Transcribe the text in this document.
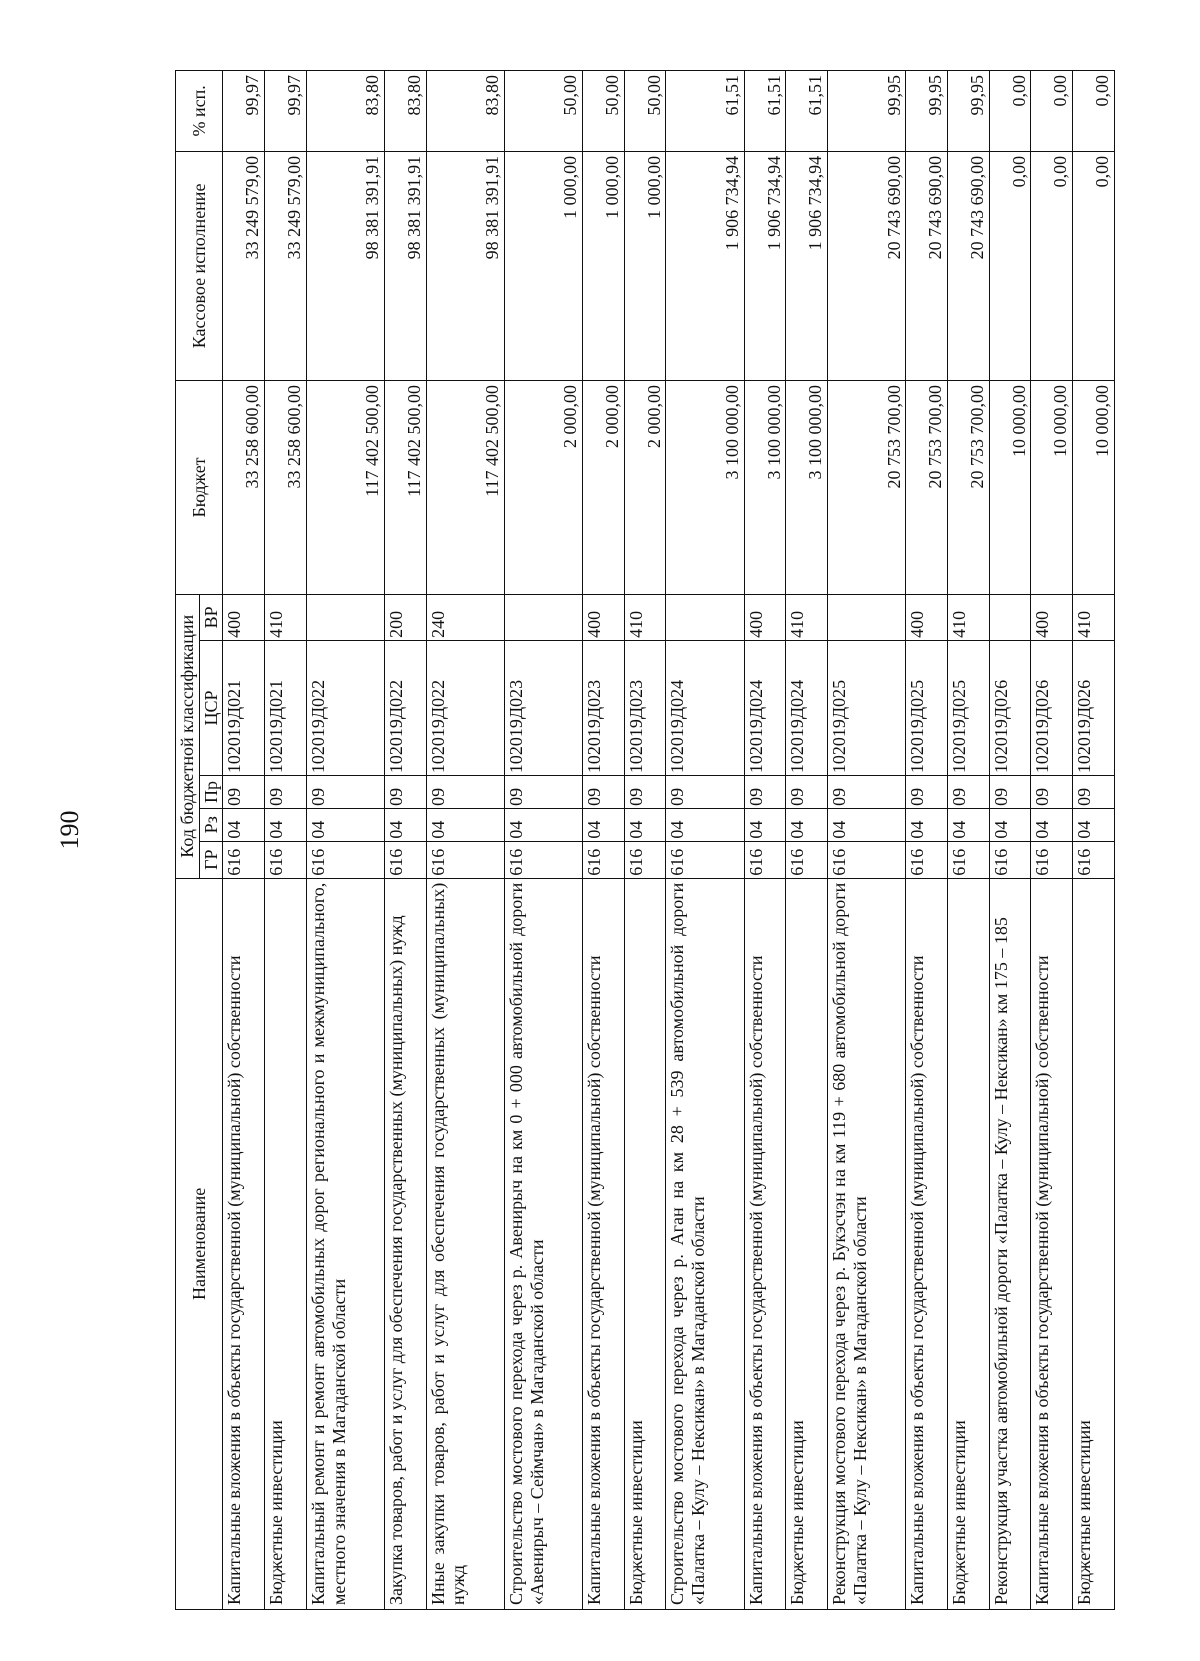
190
Наименование	Код бюджетной классификации					Бюджет	Кассовое исполнение	% исп.
	ГР	Рз	Пр	ЦСР	ВР			
Капитальные вложения в объекты государственной (муниципальной) собственности	616	04	09	102019Д021	400	33 258 600,00	33 249 579,00	99,97
Бюджетные инвестиции	616	04	09	102019Д021	410	33 258 600,00	33 249 579,00	99,97
Капитальный ремонт и ремонт автомобильных дорог регионального и межмуниципального, местного значения в Магаданской области	616	04	09	102019Д022		117 402 500,00	98 381 391,91	83,80
Закупка товаров, работ и услуг для обеспечения государственных (муниципальных) нужд	616	04	09	102019Д022	200	117 402 500,00	98 381 391,91	83,80
Иные закупки товаров, работ и услуг для обеспечения государственных (муниципальных) нужд	616	04	09	102019Д022	240	117 402 500,00	98 381 391,91	83,80
Строительство мостового перехода через р. Авенирыч на км 0 + 000 автомобильной дороги «Авенирыч – Сеймчан» в Магаданской области	616	04	09	102019Д023		2 000,00	1 000,00	50,00
Капитальные вложения в объекты государственной (муниципальной) собственности	616	04	09	102019Д023	400	2 000,00	1 000,00	50,00
Бюджетные инвестиции	616	04	09	102019Д023	410	2 000,00	1 000,00	50,00
Строительство мостового перехода через р. Аган на км 28 + 539 автомобильной дороги «Палатка – Кулу – Нексикан» в Магаданской области	616	04	09	102019Д024		3 100 000,00	1 906 734,94	61,51
Капитальные вложения в объекты государственной (муниципальной) собственности	616	04	09	102019Д024	400	3 100 000,00	1 906 734,94	61,51
Бюджетные инвестиции	616	04	09	102019Д024	410	3 100 000,00	1 906 734,94	61,51
Реконструкция мостового перехода через р. Букэсчэн на км 119 + 680 автомобильной дороги «Палатка – Кулу – Нексикан» в Магаданской области	616	04	09	102019Д025		20 753 700,00	20 743 690,00	99,95
Капитальные вложения в объекты государственной (муниципальной) собственности	616	04	09	102019Д025	400	20 753 700,00	20 743 690,00	99,95
Бюджетные инвестиции	616	04	09	102019Д025	410	20 753 700,00	20 743 690,00	99,95
Реконструкция участка автомобильной дороги «Палатка – Кулу – Нексикан» км 175 – 185	616	04	09	102019Д026		10 000,00	0,00	0,00
Капитальные вложения в объекты государственной (муниципальной) собственности	616	04	09	102019Д026	400	10 000,00	0,00	0,00
Бюджетные инвестиции	616	04	09	102019Д026	410	10 000,00	0,00	0,00
